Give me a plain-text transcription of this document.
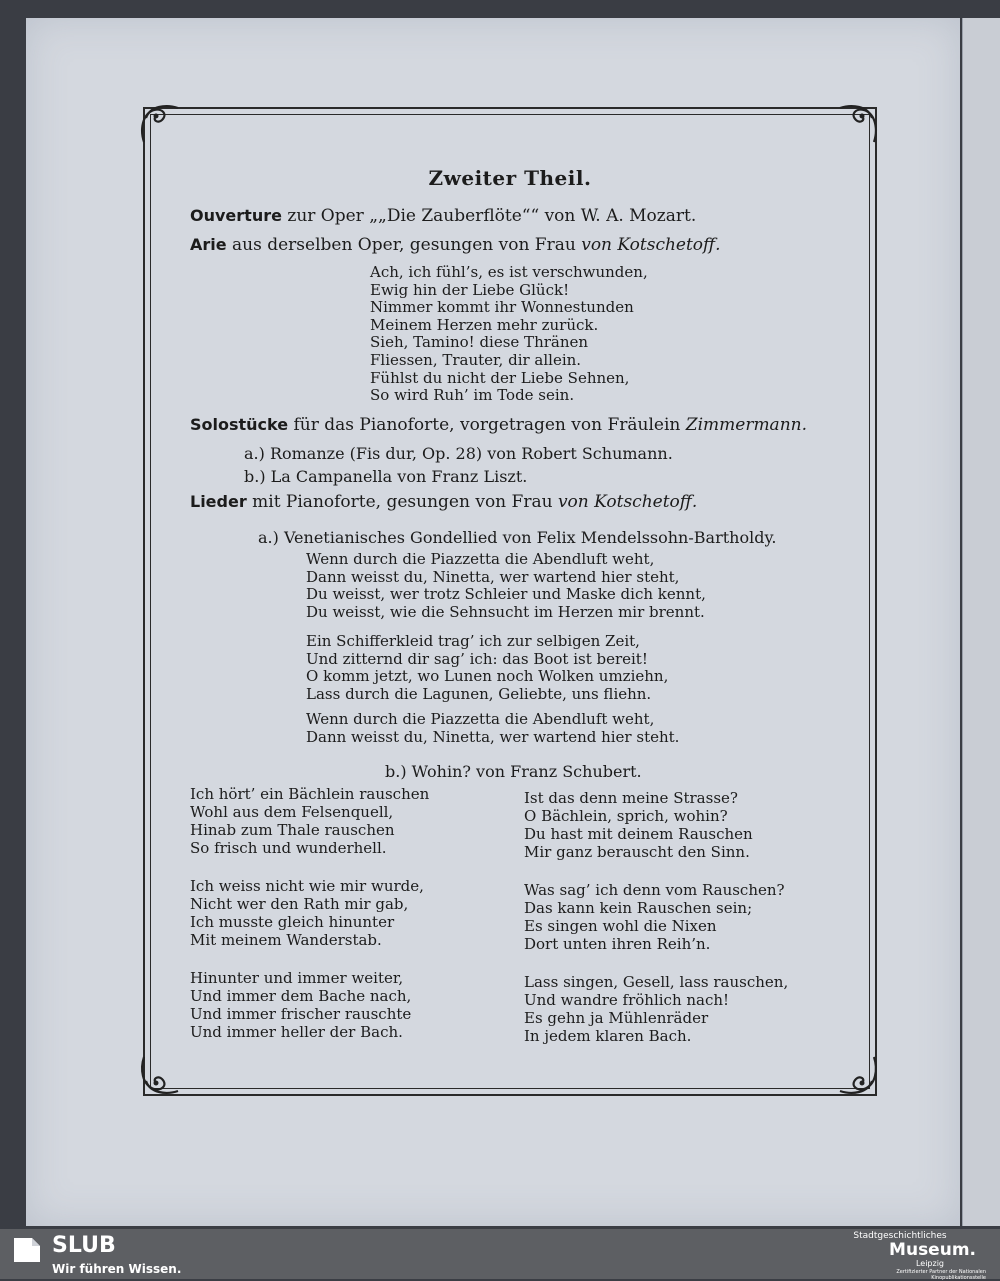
Zweiter Theil.
Ouverture zur Oper „„Die Zauberflöte““ von W. A. Mozart.
Arie aus derselben Oper, gesungen von Frau von Kotschetoff.
Ach, ich fühl’s, es ist verschwunden,
Ewig hin der Liebe Glück!
Nimmer kommt ihr Wonnestunden
Meinem Herzen mehr zurück.
Sieh, Tamino! diese Thränen
Fliessen, Trauter, dir allein.
Fühlst du nicht der Liebe Sehnen,
So wird Ruh’ im Tode sein.
Solostücke für das Pianoforte, vorgetragen von Fräulein Zimmermann.
a.) Romanze (Fis dur, Op. 28) von Robert Schumann.
b.) La Campanella von Franz Liszt.
Lieder mit Pianoforte, gesungen von Frau von Kotschetoff.
a.) Venetianisches Gondellied von Felix Mendelssohn-Bartholdy.
Wenn durch die Piazzetta die Abendluft weht,
Dann weisst du, Ninetta, wer wartend hier steht,
Du weisst, wer trotz Schleier und Maske dich kennt,
Du weisst, wie die Sehnsucht im Herzen mir brennt.
Ein Schifferkleid trag’ ich zur selbigen Zeit,
Und zitternd dir sag’ ich: das Boot ist bereit!
O komm jetzt, wo Lunen noch Wolken umziehn,
Lass durch die Lagunen, Geliebte, uns fliehn.
Wenn durch die Piazzetta die Abendluft weht,
Dann weisst du, Ninetta, wer wartend hier steht.
b.) Wohin? von Franz Schubert.
Ich hört’ ein Bächlein rauschen
Wohl aus dem Felsenquell,
Hinab zum Thale rauschen
So frisch und wunderhell.
Ich weiss nicht wie mir wurde,
Nicht wer den Rath mir gab,
Ich musste gleich hinunter
Mit meinem Wanderstab.
Hinunter und immer weiter,
Und immer dem Bache nach,
Und immer frischer rauschte
Und immer heller der Bach.
Ist das denn meine Strasse?
O Bächlein, sprich, wohin?
Du hast mit deinem Rauschen
Mir ganz berauscht den Sinn.
Was sag’ ich denn vom Rauschen?
Das kann kein Rauschen sein;
Es singen wohl die Nixen
Dort unten ihren Reih’n.
Lass singen, Gesell, lass rauschen,
Und wandre fröhlich nach!
Es gehn ja Mühlenräder
In jedem klaren Bach.
SLUB
Wir führen Wissen.
Stadtgeschichtliches
Museum.
Leipzig
Zertifizierter Partner der Nationalen Kinopublikationsstelle
